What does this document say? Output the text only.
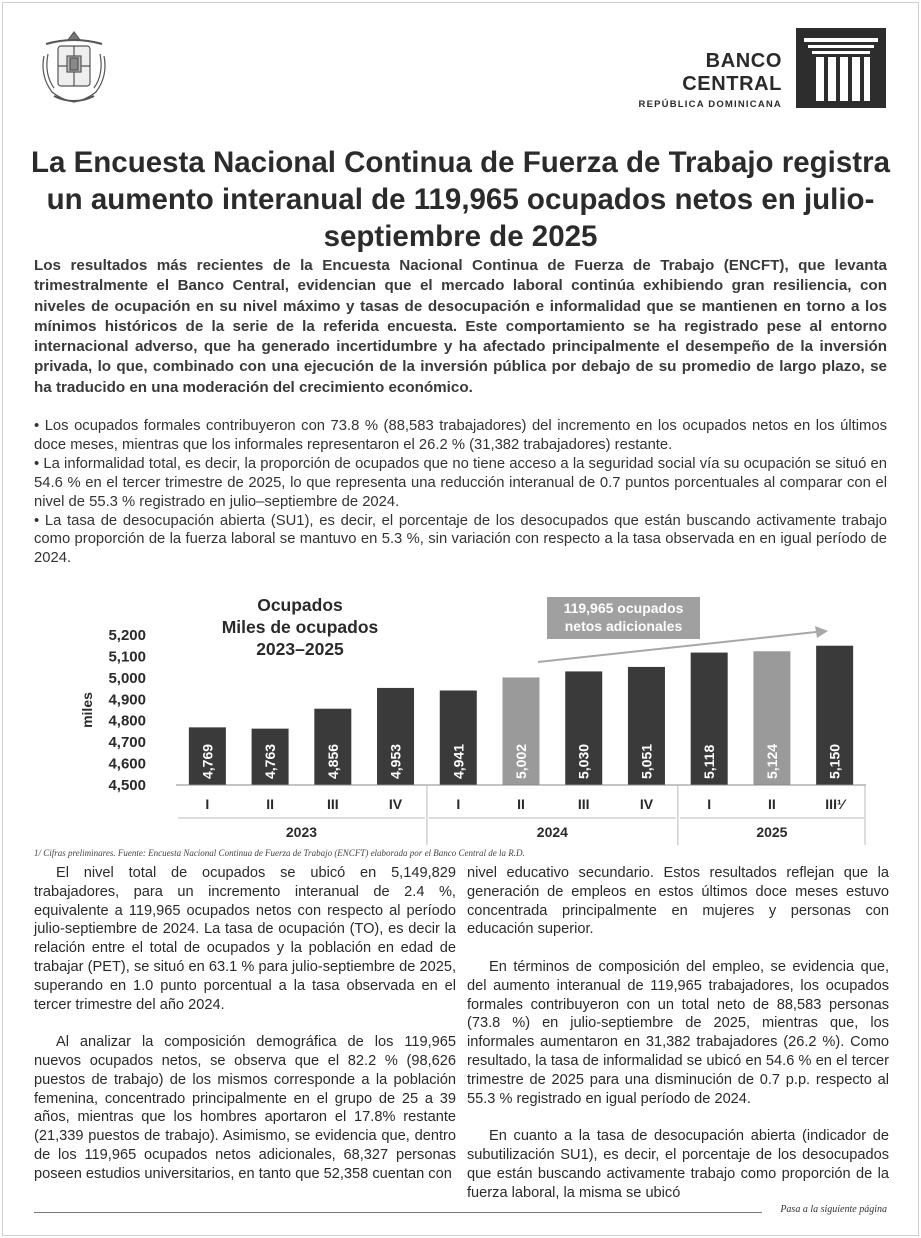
BANCO CENTRAL
REPÚBLICA DOMINICANA
La Encuesta Nacional Continua de Fuerza de Trabajo registra un aumento interanual de 119,965 ocupados netos en julio-septiembre de 2025
Los resultados más recientes de la Encuesta Nacional Continua de Fuerza de Trabajo (ENCFT), que levanta trimestralmente el Banco Central, evidencian que el mercado laboral continúa exhibiendo gran resiliencia, con niveles de ocupación en su nivel máximo y tasas de desocupación e informalidad que se mantienen en torno a los mínimos históricos de la serie de la referida encuesta. Este comportamiento se ha registrado pese al entorno internacional adverso, que ha generado incertidumbre y ha afectado principalmente el desempeño de la inversión privada, lo que, combinado con una ejecución de la inversión pública por debajo de su promedio de largo plazo, se ha traducido en una moderación del crecimiento económico.

• Los ocupados formales contribuyeron con 73.8 % (88,583 trabajadores) del incremento en los ocupados netos en los últimos doce meses, mientras que los informales representaron el 26.2 % (31,382 trabajadores) restante.

• La informalidad total, es decir, la proporción de ocupados que no tiene acceso a la seguridad social vía su ocupación se situó en 54.6 % en el tercer trimestre de 2025, lo que representa una reducción interanual de 0.7 puntos porcentuales al comparar con el nivel de 55.3 % registrado en julio–septiembre de 2024.

• La tasa de desocupación abierta (SU1), es decir, el porcentaje de los desocupados que están buscando activamente trabajo como proporción de la fuerza laboral se mantuvo en 5.3 %, sin variación con respecto a la tasa observada en en igual período de 2024.

Ocupados
Miles de ocupados
2023–2025
119,965 ocupados
netos adicionales
4,500
4,600
4,700
4,800
4,900
5,000
5,100
5,200
miles
4,769
I
4,763
II
4,856
III
4,953
IV
4,941
I
5,002
II
5,030
III
5,051
IV
5,118
I
5,124
II
5,150
III¹⁄
2023	2024	2025
1/ Cifras preliminares. Fuente: Encuesta Nacional Continua de Fuerza de Trabajo (ENCFT) elaborada por el Banco Central de la R.D.

El nivel total de ocupados se ubicó en 5,149,829 trabajadores, para un incremento interanual de 2.4 %, equivalente a 119,965 ocupados netos con respecto al período julio-septiembre de 2024. La tasa de ocupación (TO), es decir la relación entre el total de ocupados y la población en edad de trabajar (PET), se situó en 63.1 % para julio-septiembre de 2025, superando en 1.0 punto porcentual a la tasa observada en el tercer trimestre del año 2024.

Al analizar la composición demográfica de los 119,965 nuevos ocupados netos, se observa que el 82.2 % (98,626 puestos de trabajo) de los mismos corresponde a la población femenina, concentrado principalmente en el grupo de 25 a 39 años, mientras que los hombres aportaron el 17.8% restante (21,339 puestos de trabajo). Asimismo, se evidencia que, dentro de los 119,965 ocupados netos adicionales, 68,327 personas poseen estudios universitarios, en tanto que 52,358 cuentan con

nivel educativo secundario. Estos resultados reflejan que la generación de empleos en estos últimos doce meses estuvo concentrada principalmente en mujeres y personas con educación superior.

En términos de composición del empleo, se evidencia que, del aumento interanual de 119,965 trabajadores, los ocupados formales contribuyeron con un total neto de 88,583 personas (73.8 %) en julio-septiembre de 2025, mientras que, los informales aumentaron en 31,382 trabajadores (26.2 %). Como resultado, la tasa de informalidad se ubicó en 54.6 % en el tercer trimestre de 2025 para una disminución de 0.7 p.p. respecto al 55.3 % registrado en igual período de 2024.

En cuanto a la tasa de desocupación abierta (indicador de subutilización SU1), es decir, el porcentaje de los desocupados que están buscando activamente trabajo como proporción de la fuerza laboral, la misma se ubicó

Pasa a la siguiente página
